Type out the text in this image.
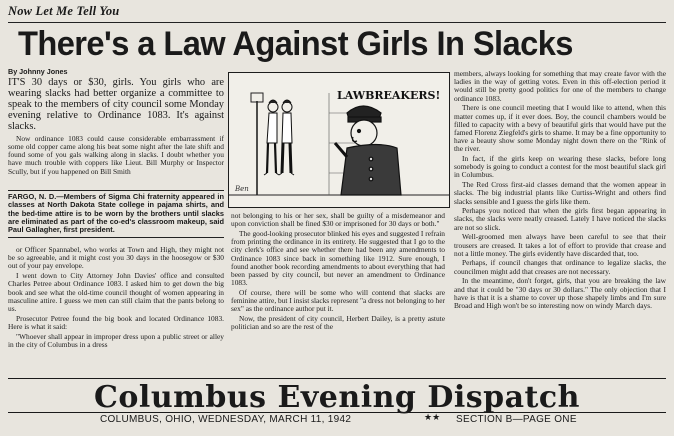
Now Let Me Tell You
There's a Law Against Girls In Slacks

By Johnny Jones

IT'S 30 days or $30, girls. You girls who are wearing slacks had better organize a committee to speak to the members of city council some Monday evening relative to Ordinance 1083. It's against slacks.

Now ordinance 1083 could cause considerable embarrassment if some old copper came along his beat some night after the late shift and found some of you gals walking along in slacks. I doubt whether you have much trouble with coppers like Lieut. Bill Murphy or Inspector Scully, but if you happened on Bill Smith

FARGO, N. D.—Members of Sigma Chi fraternity appeared in classes at North Dakota State college in pajama shirts, and the bed-time attire is to be worn by the brothers until slacks are eliminated as part of the co-ed's classroom makeup, said Paul Gallagher, first president.

or Officer Spannabel, who works at Town and High, they might not be so agreeable, and it might cost you 30 days in the hoosegow or $30 out of your pay envelope.

I went down to City Attorney John Davies' office and consulted Charles Petree about Ordinance 1083. I asked him to get down the big book and see what the old-time council thought of women appearing in masculine attire. I guess we men can still claim that the pants belong to us.

Prosecutor Petree found the big book and located Ordinance 1083. Here is what it said:

"Whoever shall appear in improper dress upon a public street or alley in the city of Columbus in a dress

LAWBREAKERS!
Ben

not belonging to his or her sex, shall be guilty of a misdemeanor and upon conviction shall be fined $30 or imprisoned for 30 days or both."

The good-looking prosecutor blinked his eyes and suggested I refrain from printing the ordinance in its entirety. He suggested that I go to the city clerk's office and see whether there had been any amendments to Ordinance 1083 since back in something like 1912. Sure enough, I found another book recording amendments to about everything that had been passed by city council, but never an amendment to Ordinance 1083.

Of course, there will be some who will contend that slacks are feminine attire, but I insist slacks represent "a dress not belonging to her sex" as the ordinance author put it.

Now, the president of city council, Herbert Dailey, is a pretty astute politician and so are the rest of the

members, always looking for something that may create favor with the ladies in the way of getting votes. Even in this off-election period it would still be pretty good politics for one of the members to change ordinance 1083.

There is one council meeting that I would like to attend, when this matter comes up, if it ever does. Boy, the council chambers would be filled to capacity with a bevy of beautiful girls that would have put the famed Florenz Ziegfeld's girls to shame. It may be a fine opportunity to have a beauty show some Monday night down there on the "Rink of the river.

In fact, if the girls keep on wearing these slacks, before long somebody is going to conduct a contest for the most beautiful slack girl in Columbus.

The Red Cross first-aid classes demand that the women appear in slacks. The big industrial plants like Curtiss-Wright and others find slacks sensible and I guess the girls like them.

Perhaps you noticed that when the girls first began appearing in slacks, the slacks were neatly creased. Lately I have noticed the slacks are not so slick.

Well-groomed men always have been careful to see that their trousers are creased. It takes a lot of effort to provide that crease and not a little money. The girls evidently have discarded that, too.

Perhaps, if council changes that ordinance to legalize slacks, the councilmen might add that creases are not necessary.

In the meantime, don't forget, girls, that you are breaking the law and that it could be "30 days or 30 dollars." The only objection that I have is that it is a shame to cover up those shapely limbs and I'm sure Broad and High won't be so interesting now on windy March days.

Columbus Evening Dispatch
COLUMBUS, OHIO, WEDNESDAY, MARCH 11, 1942	★★ SECTION B—PAGE ONE
